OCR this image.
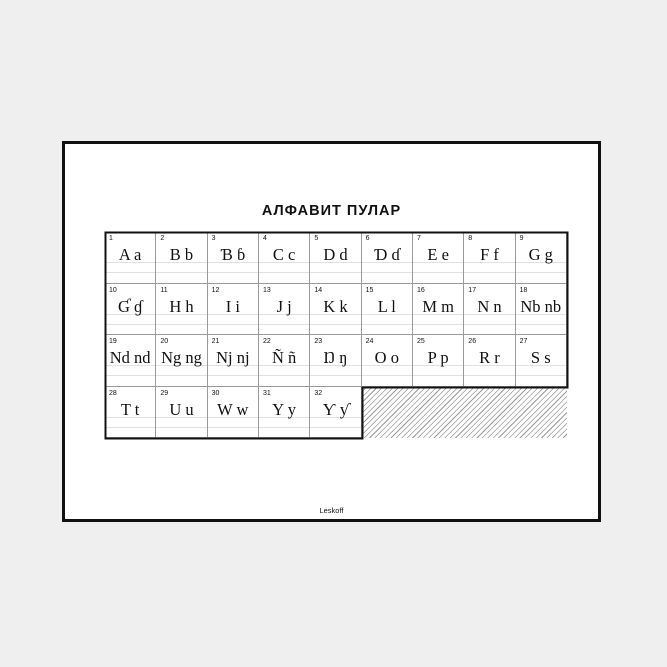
АЛФАВИТ ПУЛАР
1
A a
2
B b
3
Ɓ ɓ
4
C c
5
D d
6
Ɗ ɗ
7
E e
8
F f
9
G g
10
Ɠ ɠ
11
H h
12
I i
13
J j
14
K k
15
L l
16
M m
17
N n
18
Nb nb
19
Nd nd
20
Ng ng
21
Nj nj
22
Ñ ñ
23
Ŋ ŋ
24
O o
25
P p
26
R r
27
S s
28
T t
29
U u
30
W w
31
Y y
32
Ƴ ƴ
Leskoff
